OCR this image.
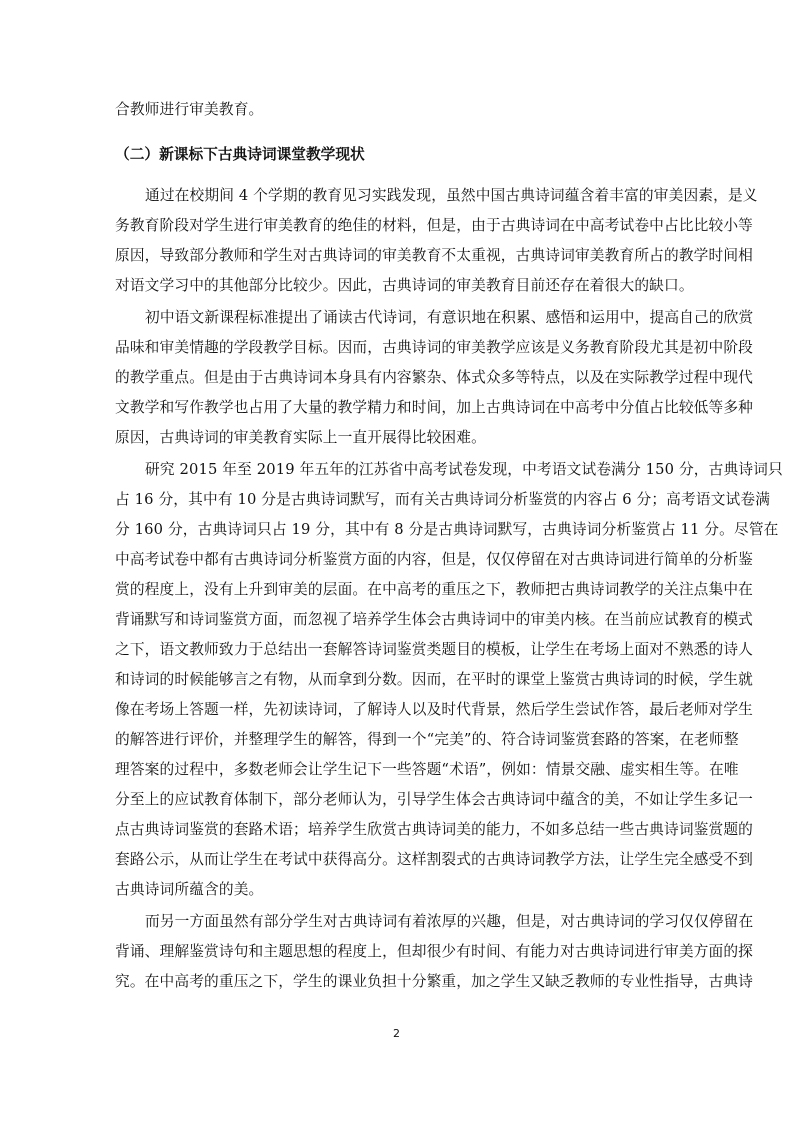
合教师进行审美教育。
（二）新课标下古典诗词课堂教学现状
通过在校期间 4 个学期的教育见习实践发现，虽然中国古典诗词蕴含着丰富的审美因素，是义
务教育阶段对学生进行审美教育的绝佳的材料，但是，由于古典诗词在中高考试卷中占比比较小等
原因，导致部分教师和学生对古典诗词的审美教育不太重视，古典诗词审美教育所占的教学时间相
对语文学习中的其他部分比较少。因此，古典诗词的审美教育目前还存在着很大的缺口。
初中语文新课程标准提出了诵读古代诗词，有意识地在积累、感悟和运用中，提高自己的欣赏
品味和审美情趣的学段教学目标。因而，古典诗词的审美教学应该是义务教育阶段尤其是初中阶段
的教学重点。但是由于古典诗词本身具有内容繁杂、体式众多等特点，以及在实际教学过程中现代
文教学和写作教学也占用了大量的教学精力和时间，加上古典诗词在中高考中分值占比较低等多种
原因，古典诗词的审美教育实际上一直开展得比较困难。
研究 2015 年至 2019 年五年的江苏省中高考试卷发现，中考语文试卷满分 150 分，古典诗词只
占 16 分，其中有 10 分是古典诗词默写，而有关古典诗词分析鉴赏的内容占 6 分；高考语文试卷满
分 160 分，古典诗词只占 19 分，其中有 8 分是古典诗词默写，古典诗词分析鉴赏占 11 分。尽管在
中高考试卷中都有古典诗词分析鉴赏方面的内容，但是，仅仅停留在对古典诗词进行简单的分析鉴
赏的程度上，没有上升到审美的层面。在中高考的重压之下，教师把古典诗词教学的关注点集中在
背诵默写和诗词鉴赏方面，而忽视了培养学生体会古典诗词中的审美内核。在当前应试教育的模式
之下，语文教师致力于总结出一套解答诗词鉴赏类题目的模板，让学生在考场上面对不熟悉的诗人
和诗词的时候能够言之有物，从而拿到分数。因而，在平时的课堂上鉴赏古典诗词的时候，学生就
像在考场上答题一样，先初读诗词，了解诗人以及时代背景，然后学生尝试作答，最后老师对学生
的解答进行评价，并整理学生的解答，得到一个“完美”的、符合诗词鉴赏套路的答案，在老师整
理答案的过程中，多数老师会让学生记下一些答题“术语”，例如：情景交融、虚实相生等。在唯
分至上的应试教育体制下，部分老师认为，引导学生体会古典诗词中蕴含的美，不如让学生多记一
点古典诗词鉴赏的套路术语；培养学生欣赏古典诗词美的能力，不如多总结一些古典诗词鉴赏题的
套路公示，从而让学生在考试中获得高分。这样割裂式的古典诗词教学方法，让学生完全感受不到
古典诗词所蕴含的美。
而另一方面虽然有部分学生对古典诗词有着浓厚的兴趣，但是，对古典诗词的学习仅仅停留在
背诵、理解鉴赏诗句和主题思想的程度上，但却很少有时间、有能力对古典诗词进行审美方面的探
究。在中高考的重压之下，学生的课业负担十分繁重，加之学生又缺乏教师的专业性指导，古典诗
2
